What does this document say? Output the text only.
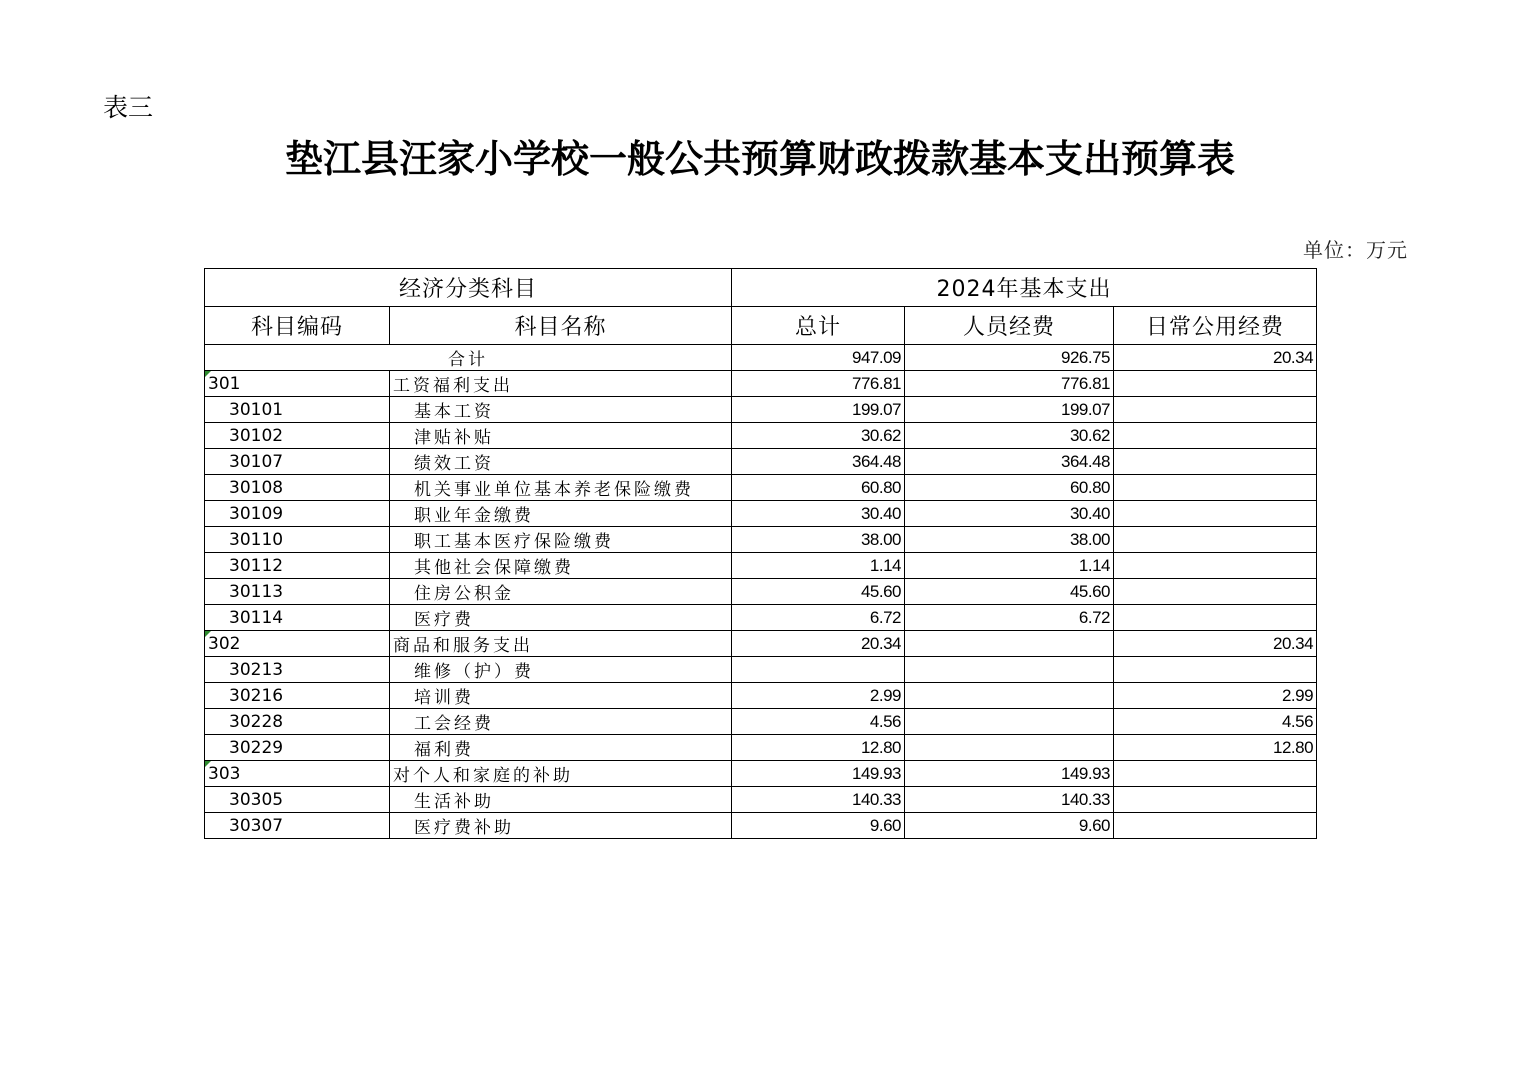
表三
垫江县汪家小学校一般公共预算财政拨款基本支出预算表
单位：万元
经济分类科目		2024年基本支出		
科目编码	科目名称	总计	人员经费	日常公用经费
合计		947.09	926.75	20.34
301	工资福利支出	776.81	776.81	
30101	基本工资	199.07	199.07	
30102	津贴补贴	30.62	30.62	
30107	绩效工资	364.48	364.48	
30108	机关事业单位基本养老保险缴费	60.80	60.80	
30109	职业年金缴费	30.40	30.40	
30110	职工基本医疗保险缴费	38.00	38.00	
30112	其他社会保障缴费	1.14	1.14	
30113	住房公积金	45.60	45.60	
30114	医疗费	6.72	6.72	
302	商品和服务支出	20.34		20.34
30213	维修（护）费			
30216	培训费	2.99		2.99
30228	工会经费	4.56		4.56
30229	福利费	12.80		12.80
303	对个人和家庭的补助	149.93	149.93	
30305	生活补助	140.33	140.33	
30307	医疗费补助	9.60	9.60	
